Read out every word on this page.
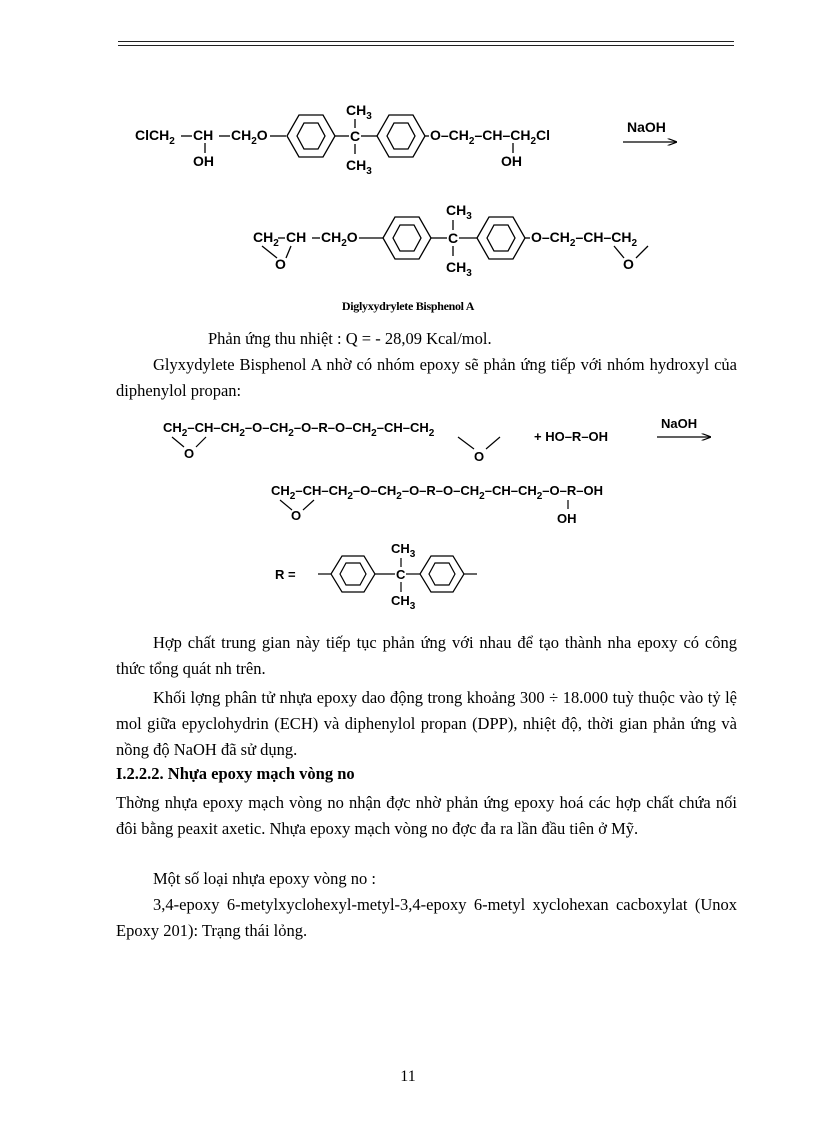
ClCH$_2$ CH
OH
$CH_2O$	C
$CH_3$
$CH_3$
$O-CH_2-CH-CH_2Cl$
OH
NaOH
$CH_2$ CH
O
$CH_2O$	C
$CH_3$
$CH_3$
$O-CH_2-CH-CH_2$
O
$CH_2-CH-CH_2-O-CH_2-O-R-O-CH_2-CH-CH_2$
O	O
+ HO–R–OH
NaOH
$CH_2-CH-CH_2-O-CH_2-O-R-O-CH_2-CH-CH_2-O-R-OH$
O	OH
R =	C
$CH_3$
$CH_3$
Diglyxydrylete Bisphenol A
Phản ứng thu nhiệt : Q = - 28,09 Kcal/mol.
Glyxydylete Bisphenol A nhờ có nhóm epoxy sẽ phản ứng tiếp với nhóm hydroxyl của diphenylol propan:
Hợp chất trung gian này tiếp tục phản ứng với nhau để tạo thành nha epoxy có công thức tổng quát nh trên.
Khối lợng phân tử nhựa epoxy dao động trong khoảng 300 ÷ 18.000 tuỳ thuộc vào tỷ lệ mol giữa epyclohydrin (ECH) và diphenylol propan (DPP), nhiệt độ, thời gian phản ứng và nồng độ NaOH đã sử dụng.
I.2.2.2. Nhựa epoxy mạch vòng no
Thờng nhựa epoxy mạch vòng no nhận đợc nhờ phản ứng epoxy hoá các hợp chất chứa nối đôi bằng peaxit axetic. Nhựa epoxy mạch vòng no đợc đa ra lần đầu tiên ở Mỹ.
Một số loại nhựa epoxy vòng no :
3,4-epoxy 6-metylxyclohexyl-metyl-3,4-epoxy 6-metyl xyclohexan cacboxylat (Unox Epoxy 201): Trạng thái lỏng.
11
